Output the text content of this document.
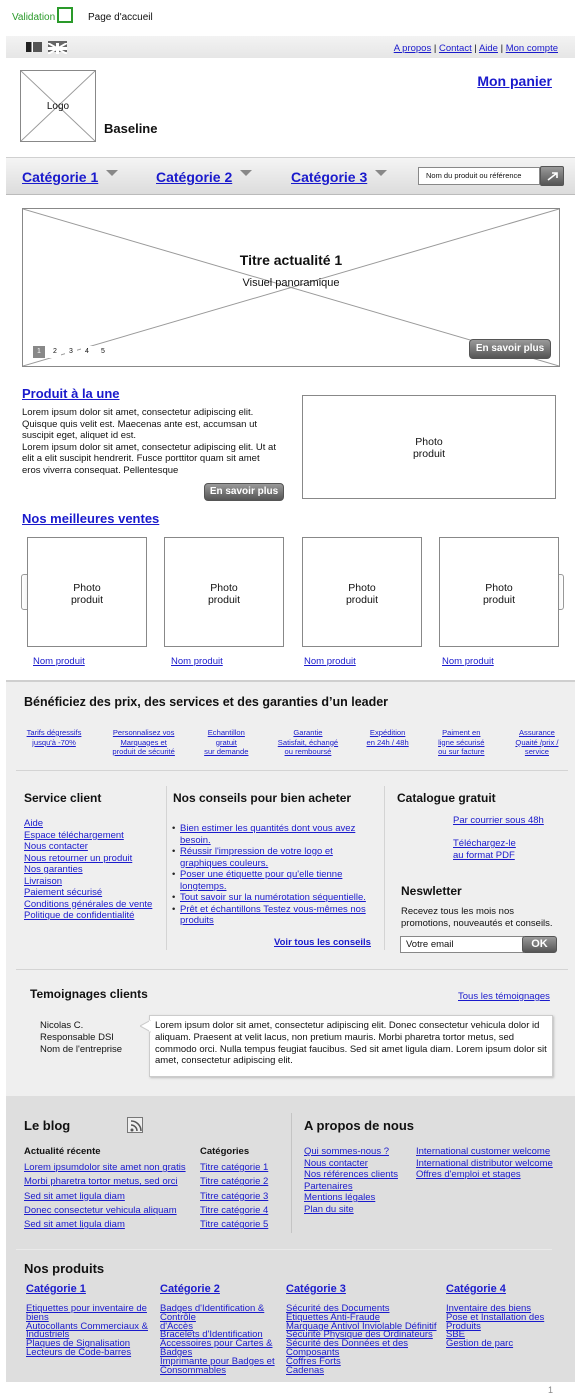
Validation	Page d'accueil
A propos | Contact | Aide | Mon compte
Mon panier
Logo
Baseline
Catégorie 1	Catégorie 2	Catégorie 3	Nom du produit ou référence
Titre actualité 1
Visuel panoramique
1	2	3	4	5	En savoir plus
Produit à la une
Lorem ipsum dolor sit amet, consectetur adipiscing elit. Quisque quis velit est. Maecenas ante est, accumsan ut suscipit eget, aliquet id est.
Lorem ipsum dolor sit amet, consectetur adipiscing elit. Ut at elit a elit suscipit hendrerit. Fusce porttitor quam sit amet eros viverra consequat. Pellentesque
En savoir plus
Photo
produit
Nos meilleures ventes
Photo
produit
Photo
produit
Photo
produit
Photo
produit
Nom produit	Nom produit	Nom produit	Nom produit
Bénéficiez des prix, des services et des garanties d’un leader
Tarifs dégressifs
jusqu'à -70%
Personnalisez vos
Marquages et
produit de sécurité
Echantillon
gratuit
sur demande
Garantie
Satisfait, échangé
ou remboursé
Expédition
en 24h / 48h
Paiment en
ligne sécurisé
ou sur facture
Assurance
Quaité /prix /
service
Service client
Aide
Espace téléchargement
Nous contacter
Nous retourner un produit
Nos garanties
Livraison
Paiement sécurisé
Conditions générales de vente
Politique de confidentialité
Nos conseils pour bien acheter
• Bien estimer les quantités dont vous avez besoin.
• Réussir l'impression de votre logo et graphiques couleurs.
• Poser une étiquette pour qu'elle tienne longtemps.
• Tout savoir sur la numérotation séquentielle.
• Prêt et échantillons Testez vous-mêmes nos produits
Voir tous les conseils
Catalogue gratuit
Par courrier sous 48h
Téléchargez-le
au format PDF
Neswletter
Recevez tous les mois nos promotions, nouveautés et conseils.
Votre email	OK
Temoignages clients	Tous les témoignages
Nicolas C.
Responsable DSI
Nom de l'entreprise
Lorem ipsum dolor sit amet, consectetur adipiscing elit. Donec consectetur vehicula dolor id aliquam. Praesent at velit lacus, non pretium mauris. Morbi pharetra tortor metus, sed commodo orci. Nulla tempus feugiat faucibus. Sed sit amet ligula diam. Lorem ipsum dolor sit amet, consectetur adipiscing elit.
Le blog
Actualité récente
Lorem ipsumdolor site amet non gratis
Morbi pharetra tortor metus, sed orci
Sed sit amet ligula diam
Donec consectetur vehicula aliquam
Sed sit amet ligula diam
Catégories
Titre catégorie 1
Titre catégorie 2
Titre catégorie 3
Titre catégorie 4
Titre catégorie 5
A propos de nous
Qui sommes-nous ?
Nous contacter
Nos références clients
Partenaires
Mentions légales
Plan du site
International customer welcome
International distributor welcome
Offres d'emploi et stages
Nos produits
Catégorie 1
Etiquettes pour inventaire de biens
Autocollants Commerciaux &
Industriels
Plaques de Signalisation
Lecteurs de Code-barres
Catégorie 2
Badges d'Identification & Contrôle
d'Accès
Bracelets d'Identification
Accessoires pour Cartes & Badges
Imprimante pour Badges et
Consommables
Catégorie 3
Sécurité des Documents
Etiquettes Anti-Fraude
Marquage Antivol Inviolable Définitif
Sécurité Physique des Ordinateurs
Sécurité des Données et des Composants
Coffres Forts
Cadenas
Catégorie 4
Inventaire des biens
Pose et Installation des Produits
SBE
Gestion de parc
1
